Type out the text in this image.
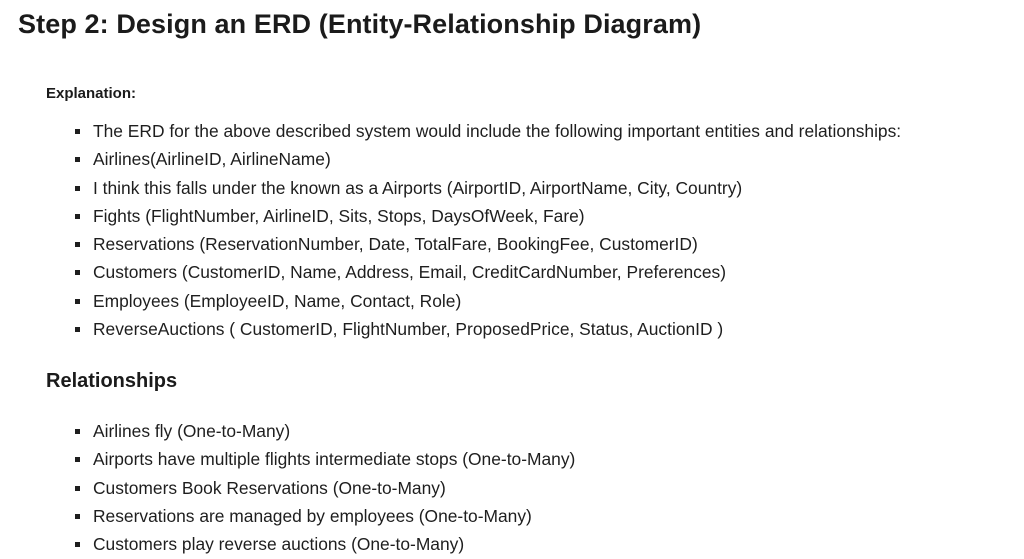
Step 2: Design an ERD (Entity-Relationship Diagram)
Explanation:
The ERD for the above described system would include the following important entities and relationships:
Airlines(AirlineID, AirlineName)
I think this falls under the known as a Airports (AirportID, AirportName, City, Country)
Fights (FlightNumber, AirlineID, Sits, Stops, DaysOfWeek, Fare)
Reservations (ReservationNumber, Date, TotalFare, BookingFee, CustomerID)
Customers (CustomerID, Name, Address, Email, CreditCardNumber, Preferences)
Employees (EmployeeID, Name, Contact, Role)
ReverseAuctions ( CustomerID, FlightNumber, ProposedPrice, Status, AuctionID )
Relationships
Airlines fly (One-to-Many)
Airports have multiple flights intermediate stops (One-to-Many)
Customers Book Reservations (One-to-Many)
Reservations are managed by employees (One-to-Many)
Customers play reverse auctions (One-to-Many)
